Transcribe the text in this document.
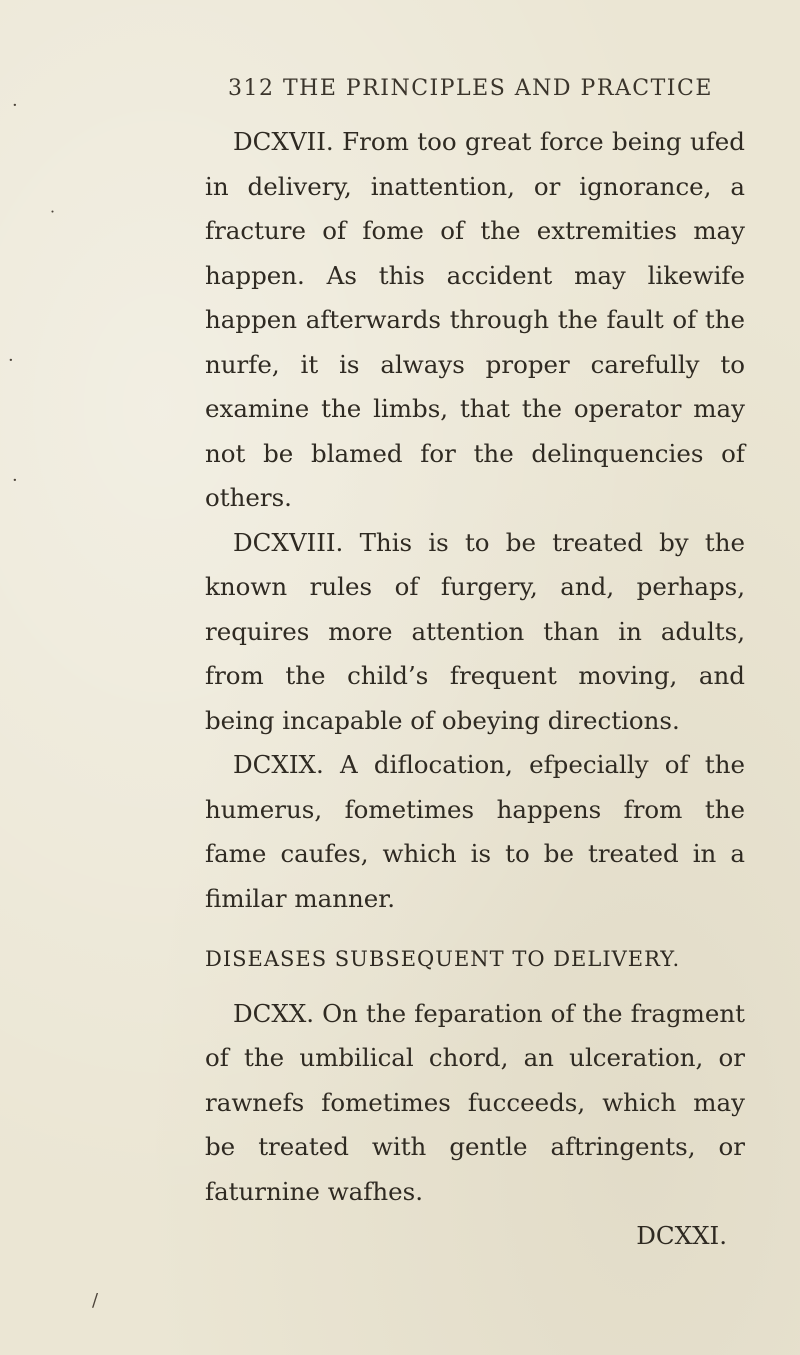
·
˙
·
·
/
312 THE PRINCIPLES AND PRACTICE

DCXVII. From too great force being ufed in delivery, inattention, or ignorance, a fracture of fome of the extremities may happen. As this accident may likewife happen afterwards through the fault of the nurfe, it is always proper carefully to examine the limbs, that the operator may not be blamed for the delinquencies of others.

DCXVIII. This is to be treated by the known rules of furgery, and, perhaps, requires more attention than in adults, from the child’s frequent moving, and being incapable of obeying directions.

DCXIX. A diflocation, efpecially of the humerus, fometimes happens from the fame caufes, which is to be treated in a fimilar manner.

DISEASES SUBSEQUENT TO DELIVERY.

DCXX. On the feparation of the fragment of the umbilical chord, an ulceration, or rawnefs fometimes fucceeds, which may be treated with gentle aftringents, or faturnine wafhes.

DCXXI.
